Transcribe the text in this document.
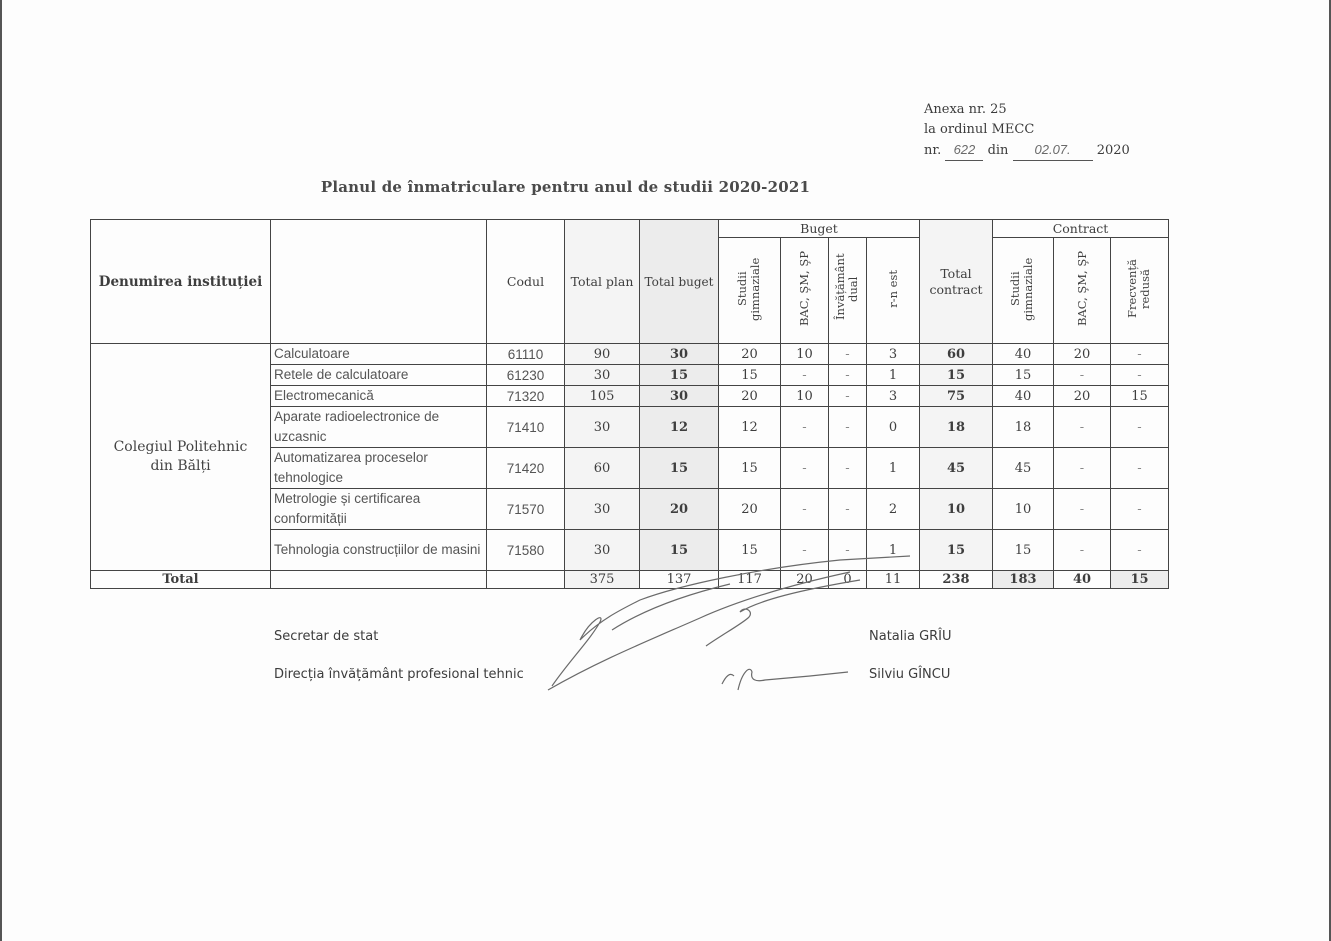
Anexa nr. 25
la ordinul MECC
nr. 622 din 02.07. 2020
Planul de înmatriculare pentru anul de studii 2020-2021
Denumirea instituției		Codul	Total plan	Total buget	Buget				Total contract	Contract		
					Studii gimnaziale	BAC, ŞM, ŞP	Învățământ dual	r-n est		Studii gimnaziale	BAC, ŞM, ŞP	Frecvență redusă
Colegiul Politehnic din Bălți	Calculatoare	61110	90	30	20	10	-	3	60	40	20	-
	Retele de calculatoare	61230	30	15	15	-	-	1	15	15	-	-
	Electromecanică	71320	105	30	20	10	-	3	75	40	20	15
	Aparate radioelectronice de uzcasnic	71410	30	12	12	-	-	0	18	18	-	-
	Automatizarea proceselor tehnologice	71420	60	15	15	-	-	1	45	45	-	-
	Metrologie și certificarea conformității	71570	30	20	20	-	-	2	10	10	-	-
	Tehnologia construcțiilor de masini	71580	30	15	15	-	-	1	15	15	-	-
Total			375	137	117	20	0	11	238	183	40	15
Secretar de stat	Natalia GRÎU
Direcția învățământ profesional tehnic	Silviu GÎNCU
